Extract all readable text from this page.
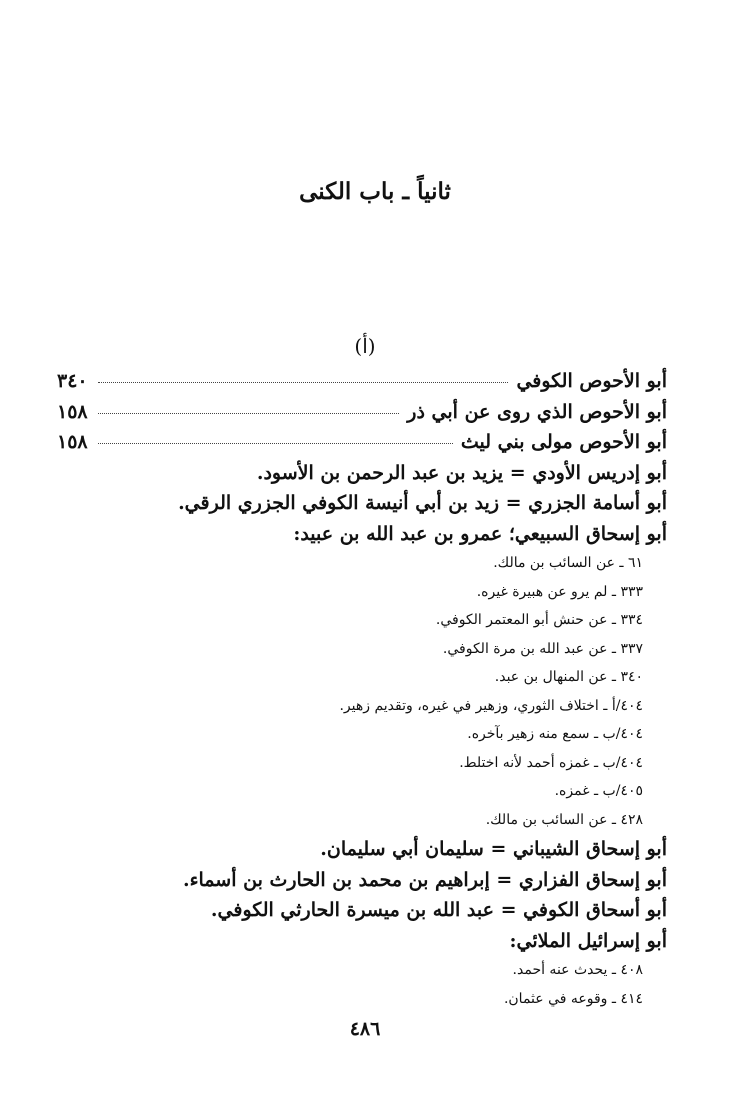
ثانياً ـ باب الكنى
(أ)
أبو الأحوص الكوفي
٣٤٠
أبو الأحوص الذي روى عن أبي ذر
١٥٨
أبو الأحوص مولى بني ليث
١٥٨
أبو إدريس الأودي = يزيد بن عبد الرحمن بن الأسود.
أبو أسامة الجزري = زيد بن أبي أنيسة الكوفي الجزري الرقي.
أبو إسحاق السبيعي؛ عمرو بن عبد الله بن عبيد:
٦١ ـ عن السائب بن مالك.
٣٣٣ ـ لم يرو عن هبيرة غيره.
٣٣٤ ـ عن حنش أبو المعتمر الكوفي.
٣٣٧ ـ عن عبد الله بن مرة الكوفي.
٣٤٠ ـ عن المنهال بن عبد.
٤٠٤/أ ـ اختلاف الثوري، وزهير في غيره، وتقديم زهير.
٤٠٤/ب ـ سمع منه زهير بآخره.
٤٠٤/ب ـ غمزه أحمد لأنه اختلط.
٤٠٥/ب ـ غمزه.
٤٢٨ ـ عن السائب بن مالك.
أبو إسحاق الشيباني = سليمان أبي سليمان.
أبو إسحاق الفزاري = إبراهيم بن محمد بن الحارث بن أسماء.
أبو أسحاق الكوفي = عبد الله بن ميسرة الحارثي الكوفي.
أبو إسرائيل الملائي:
٤٠٨ ـ يحدث عنه أحمد.
٤١٤ ـ وقوعه في عثمان.
٤٨٦
